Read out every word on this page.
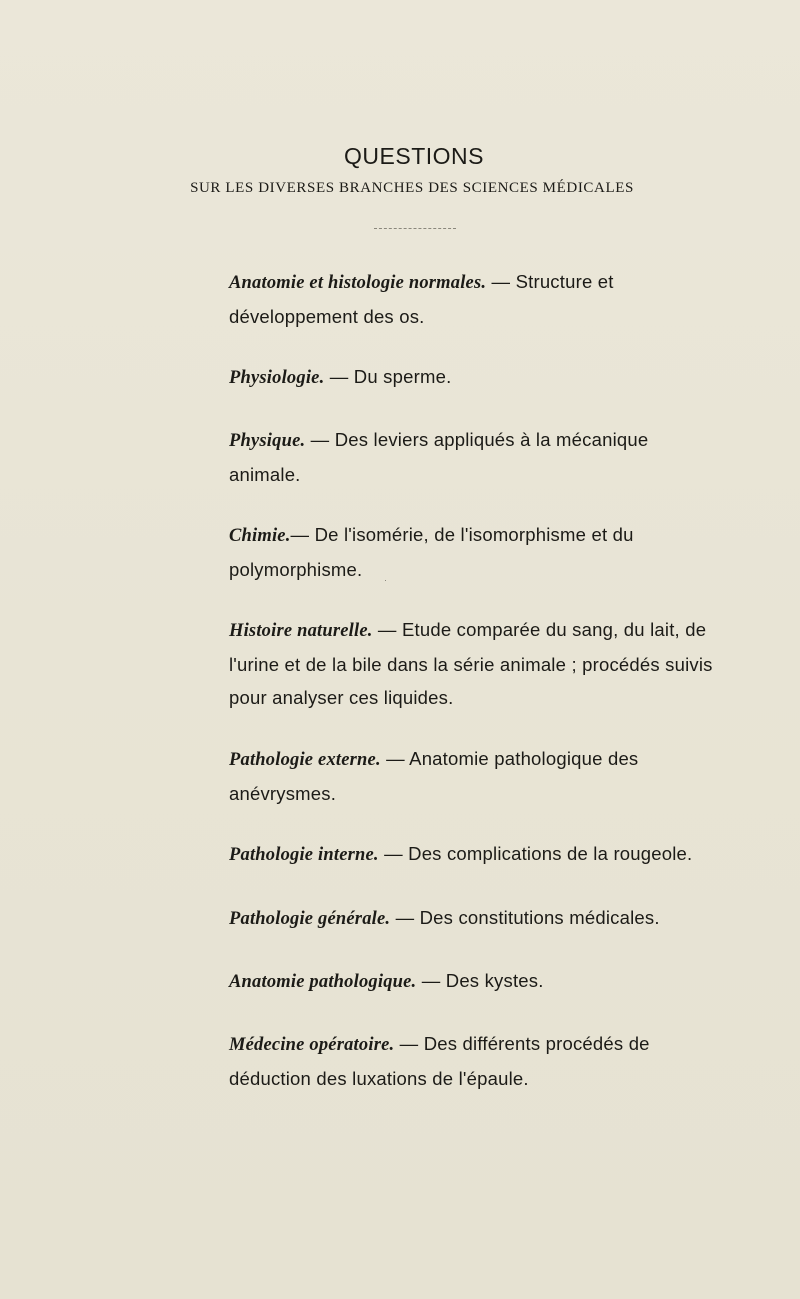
QUESTIONS
SUR LES DIVERSES BRANCHES DES SCIENCES MÉDICALES
Anatomie et histologie normales. — Structure et développement des os.
Physiologie. — Du sperme.
Physique. — Des leviers appliqués à la mécanique animale.
Chimie.— De l'isomérie, de l'isomorphisme et du polymorphisme.
Histoire naturelle. — Etude comparée du sang, du lait, de l'urine et de la bile dans la série animale ; procédés suivis pour analyser ces liquides.
Pathologie externe. — Anatomie pathologique des anévrysmes.
Pathologie interne. — Des complications de la rougeole.
Pathologie générale. — Des constitutions médicales.
Anatomie pathologique. — Des kystes.
Médecine opératoire. — Des différents procédés de déduction des luxations de l'épaule.
·
